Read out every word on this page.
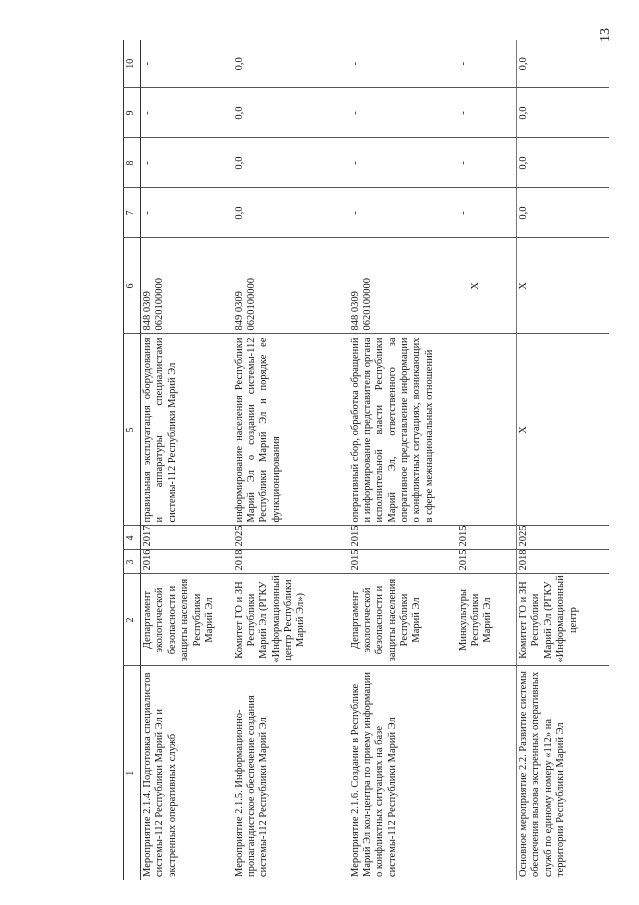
13
1	2	3	4	5	6	7	8	9	10
Мероприятие 2.1.4. Подготовка специалистов системы-112 Республики Марий Эл и экстренных оперативных служб	Департамент экологической безопасности и защиты населения Республики Марий Эл	2016	2017	правильная эксплуатация оборудования и аппаратуры специалистами системы-112 Республики Марий Эл	848 0309 0620100000	-	-	-	-
Мероприятие 2.1.5. Информационно-пропагандистское обеспечение создания системы-112 Республики Марий Эл	Комитет ГО и ЗН Республики Марий Эл (РГКУ «Информационный центр Республики Марий Эл»)	2018	2025	информирование населения Республики Марий Эл о создании системы-112 Республики Марий Эл и порядке ее функционирования	849 0309 0620100000	0,0	0,0	0,0	0,0
Мероприятие 2.1.6. Создание в Республике Марий Эл кол-центра по приему информации о конфликтных ситуациях на базе системы-112 Республики Марий Эл	Департамент экологической безопасности и защиты населения Республики Марий Эл	2015	2015	оперативный сбор, обработка обращений и информирование представителя органа исполнительной власти Республики Марий Эл, ответственного за оперативное представление информации о конфликтных ситуациях, возникающих в сфере межнациональных отношений	848 0309 0620100000	-	-	-	-
	Минкультуры Республики Марий Эл	2015	2015		X	-	-	-	-
Основное мероприятие 2.2. Развитие системы обеспечения вызова экстренных оперативных служб по единому номеру «112» на территории Республики Марий Эл	Комитет ГО и ЗН Республики Марий Эл (РГКУ «Информационный центр	2018	2025	X	X	0,0	0,0	0,0	0,0
